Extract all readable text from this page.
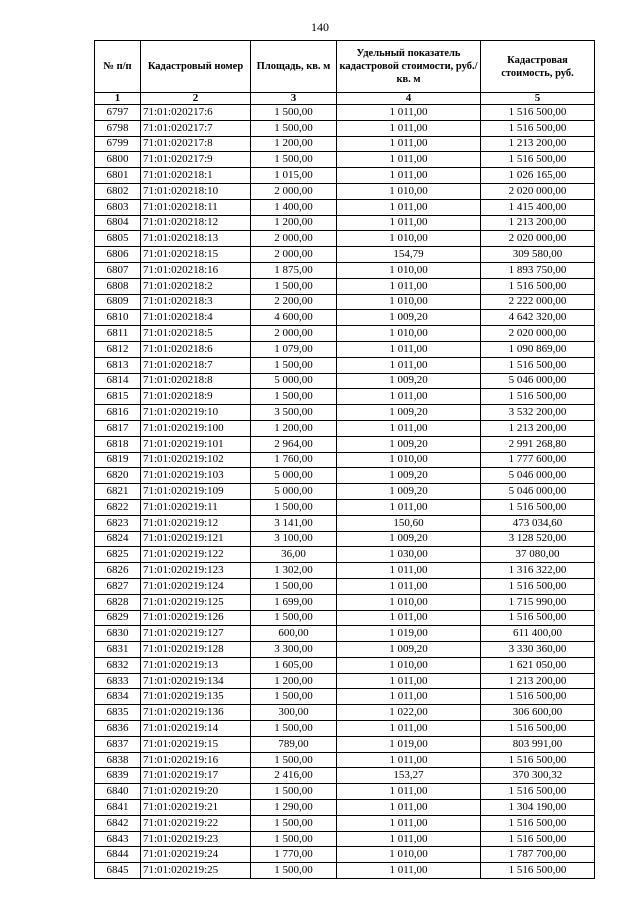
140
№ п/п	Кадастровый номер	Площадь, кв. м	Удельный показатель кадастровой стоимости, руб./кв. м	Кадастровая стоимость, руб.
1	2	3	4	5
6797	71:01:020217:6	1 500,00	1 011,00	1 516 500,00
6798	71:01:020217:7	1 500,00	1 011,00	1 516 500,00
6799	71:01:020217:8	1 200,00	1 011,00	1 213 200,00
6800	71:01:020217:9	1 500,00	1 011,00	1 516 500,00
6801	71:01:020218:1	1 015,00	1 011,00	1 026 165,00
6802	71:01:020218:10	2 000,00	1 010,00	2 020 000,00
6803	71:01:020218:11	1 400,00	1 011,00	1 415 400,00
6804	71:01:020218:12	1 200,00	1 011,00	1 213 200,00
6805	71:01:020218:13	2 000,00	1 010,00	2 020 000,00
6806	71:01:020218:15	2 000,00	154,79	309 580,00
6807	71:01:020218:16	1 875,00	1 010,00	1 893 750,00
6808	71:01:020218:2	1 500,00	1 011,00	1 516 500,00
6809	71:01:020218:3	2 200,00	1 010,00	2 222 000,00
6810	71:01:020218:4	4 600,00	1 009,20	4 642 320,00
6811	71:01:020218:5	2 000,00	1 010,00	2 020 000,00
6812	71:01:020218:6	1 079,00	1 011,00	1 090 869,00
6813	71:01:020218:7	1 500,00	1 011,00	1 516 500,00
6814	71:01:020218:8	5 000,00	1 009,20	5 046 000,00
6815	71:01:020218:9	1 500,00	1 011,00	1 516 500,00
6816	71:01:020219:10	3 500,00	1 009,20	3 532 200,00
6817	71:01:020219:100	1 200,00	1 011,00	1 213 200,00
6818	71:01:020219:101	2 964,00	1 009,20	2 991 268,80
6819	71:01:020219:102	1 760,00	1 010,00	1 777 600,00
6820	71:01:020219:103	5 000,00	1 009,20	5 046 000,00
6821	71:01:020219:109	5 000,00	1 009,20	5 046 000,00
6822	71:01:020219:11	1 500,00	1 011,00	1 516 500,00
6823	71:01:020219:12	3 141,00	150,60	473 034,60
6824	71:01:020219:121	3 100,00	1 009,20	3 128 520,00
6825	71:01:020219:122	36,00	1 030,00	37 080,00
6826	71:01:020219:123	1 302,00	1 011,00	1 316 322,00
6827	71:01:020219:124	1 500,00	1 011,00	1 516 500,00
6828	71:01:020219:125	1 699,00	1 010,00	1 715 990,00
6829	71:01:020219:126	1 500,00	1 011,00	1 516 500,00
6830	71:01:020219:127	600,00	1 019,00	611 400,00
6831	71:01:020219:128	3 300,00	1 009,20	3 330 360,00
6832	71:01:020219:13	1 605,00	1 010,00	1 621 050,00
6833	71:01:020219:134	1 200,00	1 011,00	1 213 200,00
6834	71:01:020219:135	1 500,00	1 011,00	1 516 500,00
6835	71:01:020219:136	300,00	1 022,00	306 600,00
6836	71:01:020219:14	1 500,00	1 011,00	1 516 500,00
6837	71:01:020219:15	789,00	1 019,00	803 991,00
6838	71:01:020219:16	1 500,00	1 011,00	1 516 500,00
6839	71:01:020219:17	2 416,00	153,27	370 300,32
6840	71:01:020219:20	1 500,00	1 011,00	1 516 500,00
6841	71:01:020219:21	1 290,00	1 011,00	1 304 190,00
6842	71:01:020219:22	1 500,00	1 011,00	1 516 500,00
6843	71:01:020219:23	1 500,00	1 011,00	1 516 500,00
6844	71:01:020219:24	1 770,00	1 010,00	1 787 700,00
6845	71:01:020219:25	1 500,00	1 011,00	1 516 500,00
